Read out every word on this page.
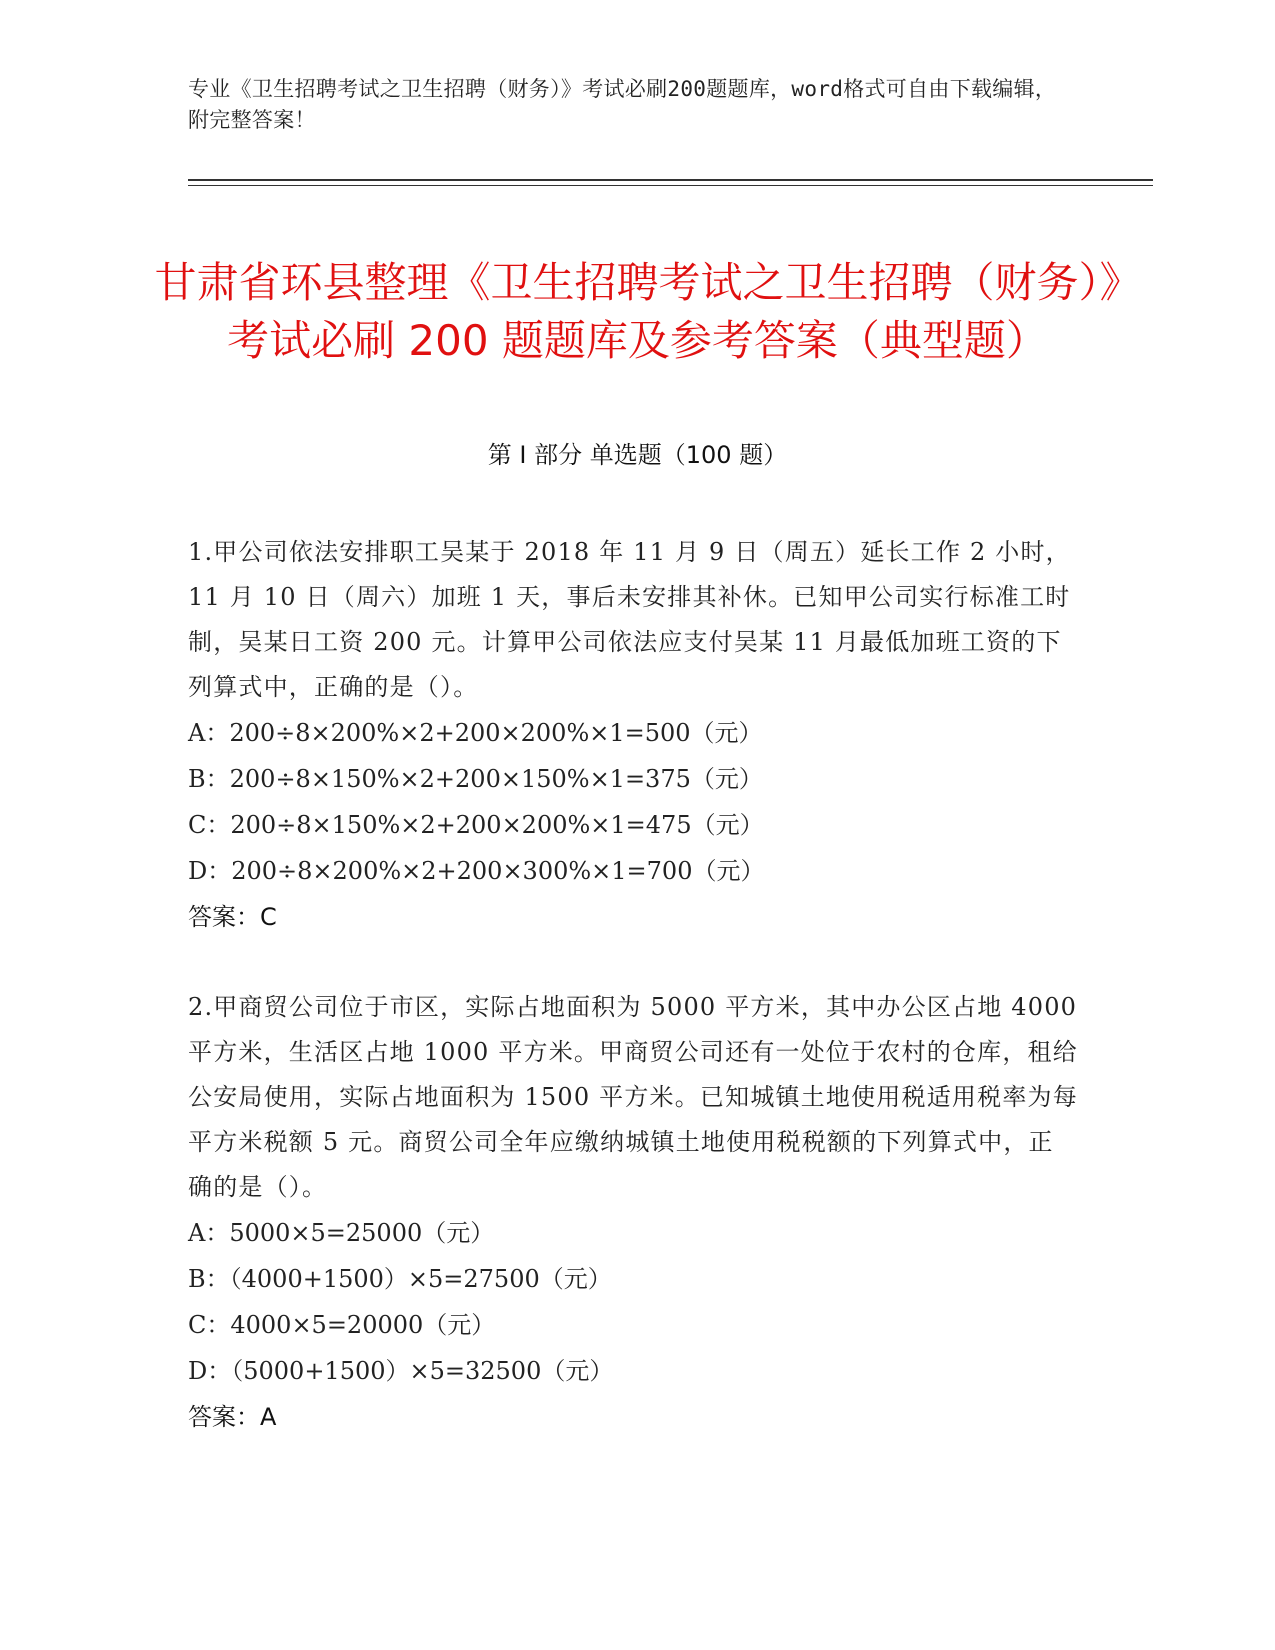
专业《卫生招聘考试之卫生招聘（财务）》考试必刷200题题库，word格式可自由下载编辑，附完整答案！
甘肃省环县整理《卫生招聘考试之卫生招聘（财务）》考试必刷 200 题题库及参考答案（典型题）
第 I 部分 单选题（100 题）
1.甲公司依法安排职工吴某于 2018 年 11 月 9 日（周五）延长工作 2 小时，11 月 10 日（周六）加班 1 天，事后未安排其补休。已知甲公司实行标准工时制，吴某日工资 200 元。计算甲公司依法应支付吴某 11 月最低加班工资的下列算式中，正确的是（）。
A：200÷8×200%×2+200×200%×1=500（元）
B：200÷8×150%×2+200×150%×1=375（元）
C：200÷8×150%×2+200×200%×1=475（元）
D：200÷8×200%×2+200×300%×1=700（元）
答案：C
2.甲商贸公司位于市区，实际占地面积为 5000 平方米，其中办公区占地 4000 平方米，生活区占地 1000 平方米。甲商贸公司还有一处位于农村的仓库，租给公安局使用，实际占地面积为 1500 平方米。已知城镇土地使用税适用税率为每平方米税额 5 元。商贸公司全年应缴纳城镇土地使用税税额的下列算式中，正确的是（）。
A：5000×5=25000（元）
B：（4000+1500）×5=27500（元）
C：4000×5=20000（元）
D：（5000+1500）×5=32500（元）
答案：A
